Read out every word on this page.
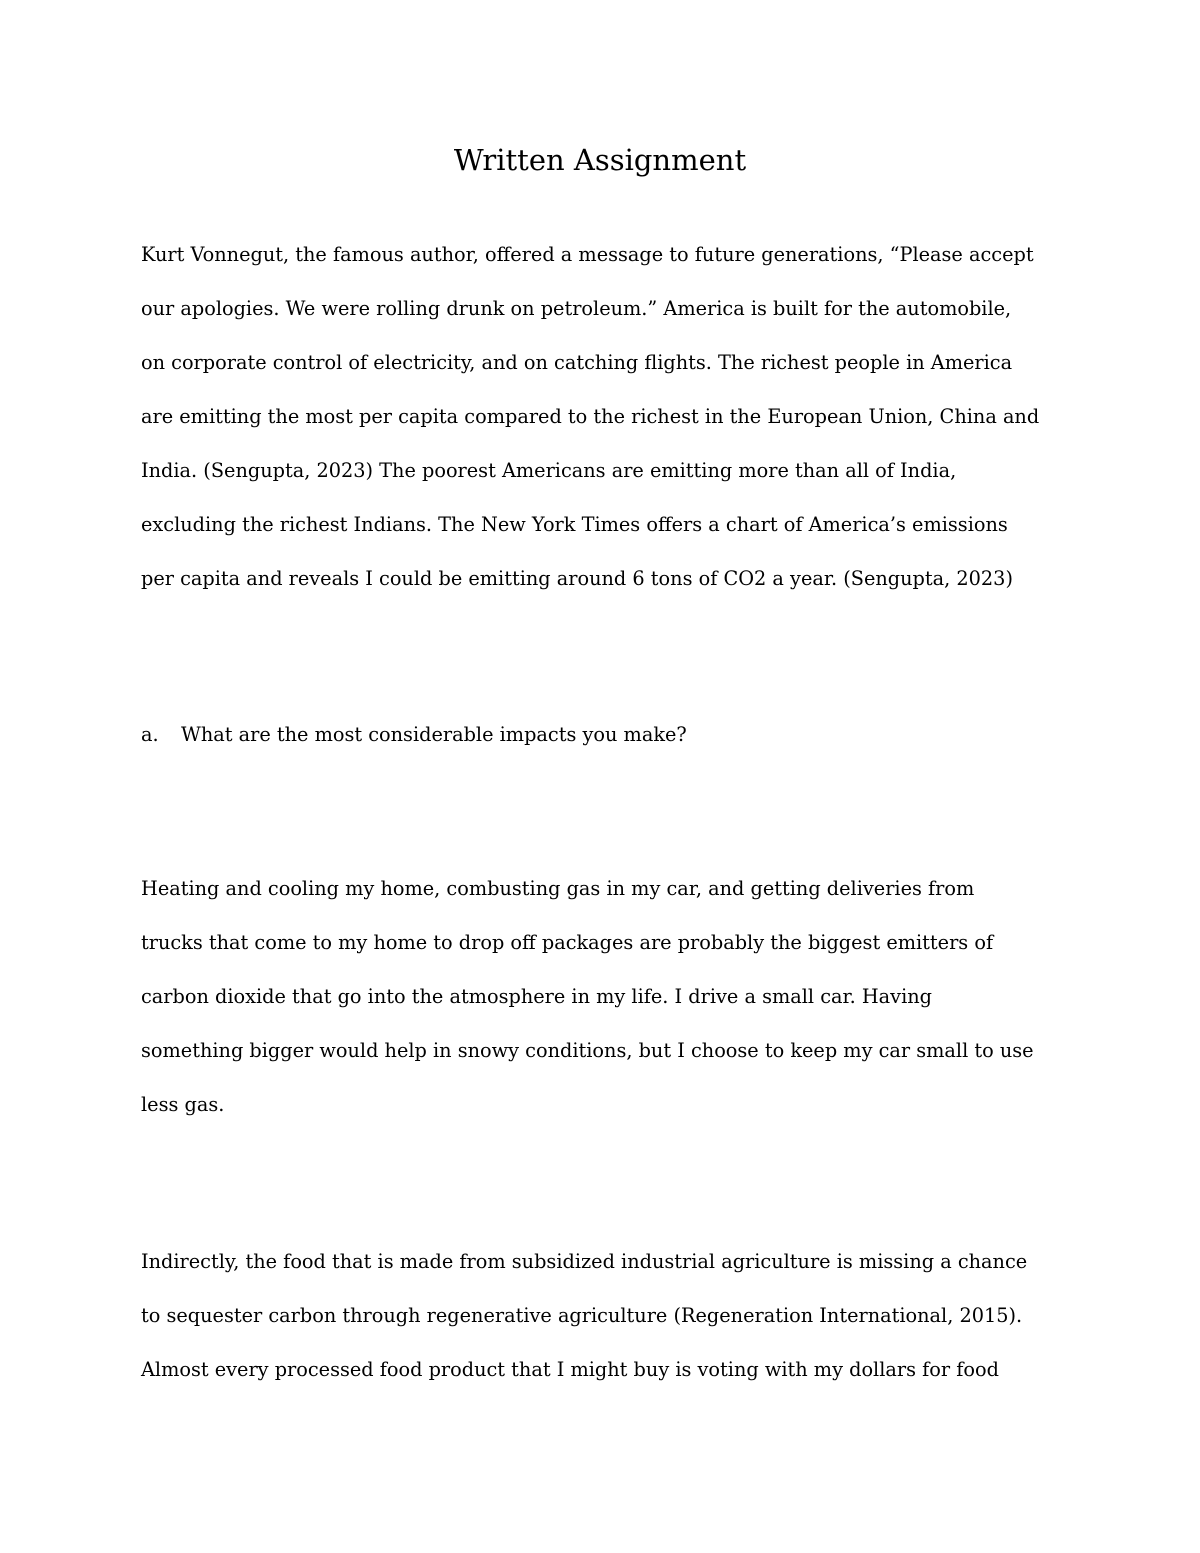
Written Assignment
Kurt Vonnegut, the famous author, offered a message to future generations, “Please accept
our apologies. We were rolling drunk on petroleum.” America is built for the automobile,
on corporate control of electricity, and on catching flights. The richest people in America
are emitting the most per capita compared to the richest in the European Union, China and
India. (Sengupta, 2023) The poorest Americans are emitting more than all of India,
excluding the richest Indians. The New York Times offers a chart of America’s emissions
per capita and reveals I could be emitting around 6 tons of CO2 a year. (Sengupta, 2023)

a. What are the most considerable impacts you make?

Heating and cooling my home, combusting gas in my car, and getting deliveries from
trucks that come to my home to drop off packages are probably the biggest emitters of
carbon dioxide that go into the atmosphere in my life. I drive a small car. Having
something bigger would help in snowy conditions, but I choose to keep my car small to use
less gas.
Indirectly, the food that is made from subsidized industrial agriculture is missing a chance
to sequester carbon through regenerative agriculture (Regeneration International, 2015).
Almost every processed food product that I might buy is voting with my dollars for food
